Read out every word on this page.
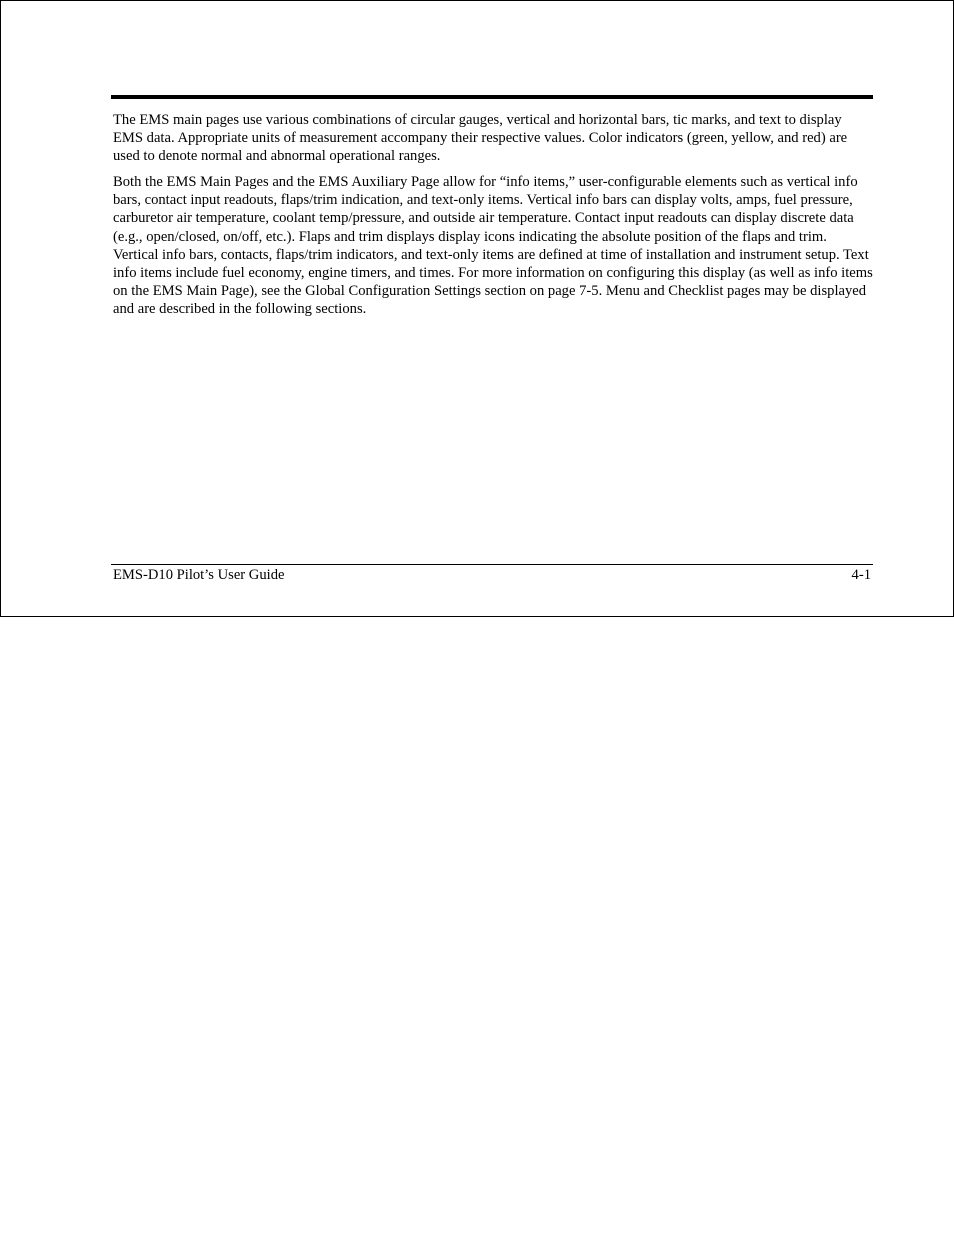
The EMS main pages use various combinations of circular gauges, vertical and horizontal bars, tic marks, and text to display EMS data. Appropriate units of measurement accompany their respective values. Color indicators (green, yellow, and red) are used to denote normal and abnormal operational ranges.

Both the EMS Main Pages and the EMS Auxiliary Page allow for “info items,” user-configurable elements such as vertical info bars, contact input readouts, flaps/trim indication, and text-only items. Vertical info bars can display volts, amps, fuel pressure, carburetor air temperature, coolant temp/pressure, and outside air temperature. Contact input readouts can display discrete data (e.g., open/closed, on/off, etc.). Flaps and trim displays display icons indicating the absolute position of the flaps and trim. Vertical info bars, contacts, flaps/trim indicators, and text-only items are defined at time of installation and instrument setup. Text info items include fuel economy, engine timers, and times. For more information on configuring this display (as well as info items on the EMS Main Page), see the Global Configuration Settings section on page 7-5. Menu and Checklist pages may be displayed and are described in the following sections.

EMS-D10 Pilot’s User Guide	4-1
